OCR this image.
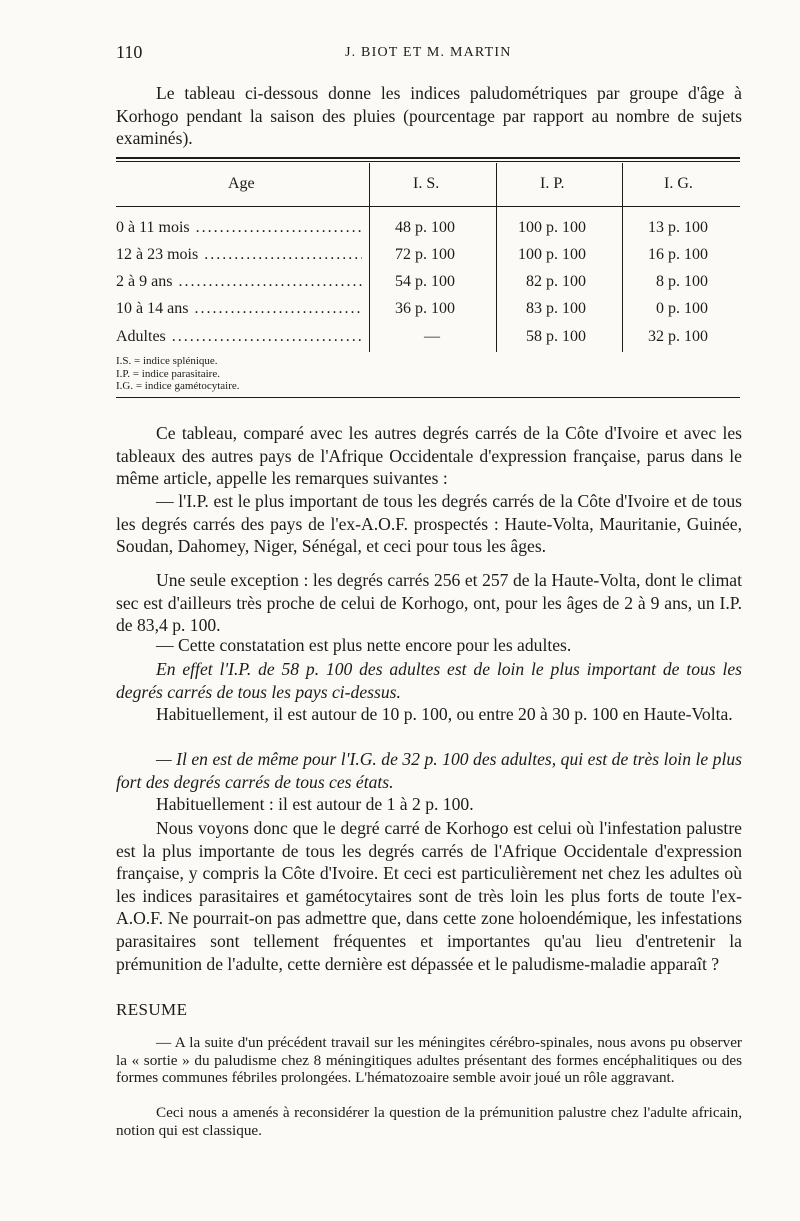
110	J. BIOT ET M. MARTIN
Le tableau ci-dessous donne les indices paludométriques par groupe d'âge à Korhogo pendant la saison des pluies (pourcentage par rapport au nombre de sujets examinés).
Age	I. S.	I. P.	I. G.
0 à 11 mois .....	48 p. 100	100 p. 100	13 p. 100
12 à 23 mois .....	72 p. 100	100 p. 100	16 p. 100
2 à 9 ans .....	54 p. 100	82 p. 100	8 p. 100
10 à 14 ans .....	36 p. 100	83 p. 100	0 p. 100
Adultes .....	—	58 p. 100	32 p. 100
I.S. = indice splénique.
I.P. = indice parasitaire.
I.G. = indice gamétocytaire.
Ce tableau, comparé avec les autres degrés carrés de la Côte d'Ivoire et avec les tableaux des autres pays de l'Afrique Occidentale d'expression française, parus dans le même article, appelle les remarques suivantes :
— l'I.P. est le plus important de tous les degrés carrés de la Côte d'Ivoire et de tous les degrés carrés des pays de l'ex-A.O.F. prospectés : Haute-Volta, Mauritanie, Guinée, Soudan, Dahomey, Niger, Sénégal, et ceci pour tous les âges.
Une seule exception : les degrés carrés 256 et 257 de la Haute-Volta, dont le climat sec est d'ailleurs très proche de celui de Korhogo, ont, pour les âges de 2 à 9 ans, un I.P. de 83,4 p. 100.
— Cette constatation est plus nette encore pour les adultes.
En effet l'I.P. de 58 p. 100 des adultes est de loin le plus important de tous les degrés carrés de tous les pays ci-dessus.
Habituellement, il est autour de 10 p. 100, ou entre 20 à 30 p. 100 en Haute-Volta.
— Il en est de même pour l'I.G. de 32 p. 100 des adultes, qui est de très loin le plus fort des degrés carrés de tous ces états.
Habituellement : il est autour de 1 à 2 p. 100.
Nous voyons donc que le degré carré de Korhogo est celui où l'infestation palustre est la plus importante de tous les degrés carrés de l'Afrique Occidentale d'expression française, y compris la Côte d'Ivoire. Et ceci est particulièrement net chez les adultes où les indices parasitaires et gamétocytaires sont de très loin les plus forts de toute l'ex-A.O.F. Ne pourrait-on pas admettre que, dans cette zone holoendémique, les infestations parasitaires sont tellement fréquentes et importantes qu'au lieu d'entretenir la prémunition de l'adulte, cette dernière est dépassée et le paludisme-maladie apparaît ?
RESUME
— A la suite d'un précédent travail sur les méningites cérébro-spinales, nous avons pu observer la « sortie » du paludisme chez 8 méningitiques adultes présentant des formes encéphalitiques ou des formes communes fébriles prolongées. L'hématozoaire semble avoir joué un rôle aggravant.
Ceci nous a amenés à reconsidérer la question de la prémunition palustre chez l'adulte africain, notion qui est classique.
